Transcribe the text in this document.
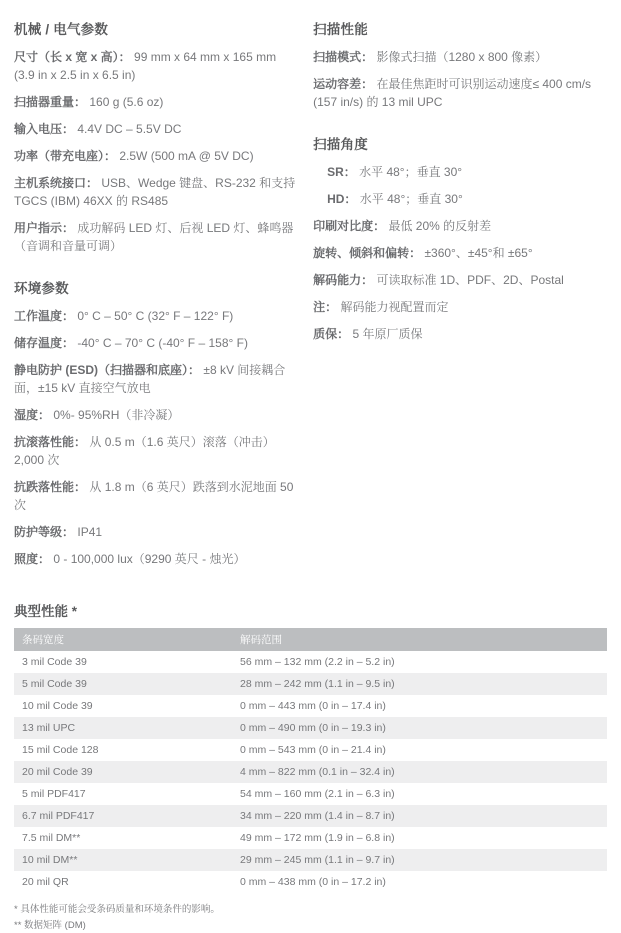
机械 / 电气参数

尺寸（长 x 宽 x 高）： 99 mm x 64 mm x 165 mm (3.9 in x 2.5 in x 6.5 in)

扫描器重量： 160 g (5.6 oz)

输入电压： 4.4V DC – 5.5V DC

功率（带充电座）： 2.5W (500 mA @ 5V DC)

主机系统接口： USB、Wedge 键盘、RS-232 和支持 TGCS (IBM) 46XX 的 RS485

用户指示： 成功解码 LED 灯、后视 LED 灯、蜂鸣器（音调和音量可调）

环境参数

工作温度： 0° C – 50° C (32° F – 122° F)

储存温度： -40° C – 70° C (-40° F – 158° F)

静电防护 (ESD)（扫描器和底座）： ±8 kV 间接耦合面，±15 kV 直接空气放电

湿度： 0%- 95%RH（非冷凝）

抗滚落性能： 从 0.5 m（1.6 英尺）滚落（冲击）2,000 次

抗跌落性能： 从 1.8 m（6 英尺）跌落到水泥地面 50 次

防护等级： IP41

照度： 0 - 100,000 lux（9290 英尺 - 烛光）

扫描性能

扫描模式： 影像式扫描（1280 x 800 像素）

运动容差： 在最佳焦距时可识别运动速度≤ 400 cm/s (157 in/s) 的 13 mil UPC

扫描角度

SR： 水平 48°；垂直 30°

HD： 水平 48°；垂直 30°

印刷对比度： 最低 20% 的反射差

旋转、倾斜和偏转： ±360°、±45°和 ±65°

解码能力： 可读取标准 1D、PDF、2D、Postal

注： 解码能力视配置而定

质保： 5 年原厂质保

典型性能 *
条码宽度	解码范围
3 mil Code 39	56 mm – 132 mm (2.2 in – 5.2 in)
5 mil Code 39	28 mm – 242 mm (1.1 in – 9.5 in)
10 mil Code 39	0 mm – 443 mm (0 in – 17.4 in)
13 mil UPC	0 mm – 490 mm (0 in – 19.3 in)
15 mil Code 128	0 mm – 543 mm (0 in – 21.4 in)
20 mil Code 39	4 mm – 822 mm (0.1 in – 32.4 in)
5 mil PDF417	54 mm – 160 mm (2.1 in – 6.3 in)
6.7 mil PDF417	34 mm – 220 mm (1.4 in – 8.7 in)
7.5 mil DM**	49 mm – 172 mm (1.9 in – 6.8 in)
10 mil DM**	29 mm – 245 mm (1.1 in – 9.7 in)
20 mil QR	0 mm – 438 mm (0 in – 17.2 in)
* 具体性能可能会受条码质量和环境条件的影响。
** 数据矩阵 (DM)
